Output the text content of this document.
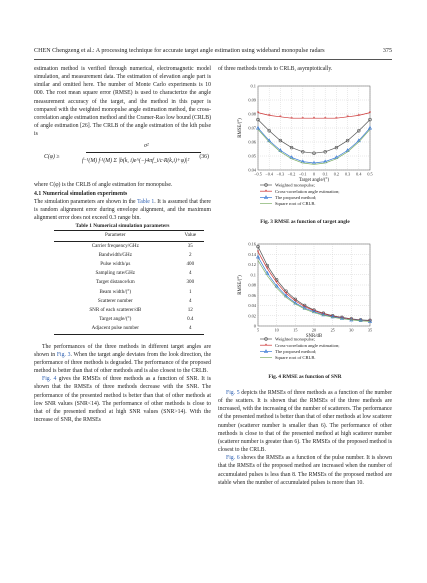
CHEN Chengzeng et al.: A processing technique for accurate target angle estimation using wideband monopulse radars	375

estimation method is verified through numerical, electromagnetic model simulation, and measurement data. The estimation of elevation angle part is similar and omitted here. The number of Monte Carlo experiments is 10 000. The root mean square error (RMSE) is used to characterize the angle measurement accuracy of the target, and the method in this paper is compared with the weighted monopulse angle estimation method, the cross-correlation angle estimation method and the Cramer-Rao low bound (CRLB) of angle estimation [26]. The CRLB of the angle estimation of the kth pulse is

C(φ) ≥
σ²
f⁻¹(M) f·¹(M) Σ |b(k, i)e^(−j4πf_i/c·R(k,i)+φ)|²
(36)

where C(φ) is the CRLB of angle estimation for monopulse.

4.1 Numerical simulation experiments

The simulation parameters are shown in the Table 1. It is assumed that there is random alignment error during envelope alignment, and the maximum alignment error does not exceed 0.3 range bin.

Table 1 Numerical simulation parameters

Parameter	Value
Carrier frequency/GHz	35
Bandwidth/GHz	2
Pulse width/μs	400
Sampling rate/GHz	4
Target distance/km	300
Beam width/(°)	1
Scatterer number	4
SNR of each scatterer/dB	12
Target angle/(°)	0.4
Adjacent pulse number	4

The performances of the three methods in different target angles are shown in Fig. 3. When the target angle deviates from the look direction, the performance of three methods is degraded. The performance of the proposed method is better than that of other methods and is also closest to the CRLB.

Fig. 4 gives the RMSEs of three methods as a function of SNR. It is shown that the RMSEs of three methods decrease with the SNR. The performance of the presented method is better than that of other methods at low SNR values (SNR<14). The performance of other methods is close to that of the presented method at high SNR values (SNR>14). With the increase of SNR, the RMSEs

of three methods trends to CRLB, asymptotically.

0.04
0.05
0.06
0.07
0.08
0.09
0.1
−0.5 −0.4 −0.3 −0.2 −0.1 0 0.1 0.2 0.3 0.4 0.5
Target angle/(°)
RMSE/(°)
Weighted monopulse;
*
* * * * * * * * *
*
* Cross-correlation angle estimation;
The proposed method;
Square root of CRLB.
Fig. 3 RMSE as function of target angle
0
0.02
0.04
0.06
0.08
0.1
0.12
0.14
0.16
5	10	15	20	25	30	35
SNR/dB
RMSE/(°)
Weighted monopulse;
*
*
*
*
*
*
*
*
* * * * *
* Cross-correlation angle estimation;
The proposed method;
Square root of CRLB.
Fig. 4 RMSE as function of SNR

Fig. 5 depicts the RMSEs of three methods as a function of the number of the scatters. It is shown that the RMSEs of the three methods are increased, with the increasing of the number of scatterers. The performance of the presented method is better than that of other methods at low scatterer number (scatterer number is smaller than 6). The performance of other methods is close to that of the presented method at high scatterer number (scatterer number is greater than 6). The RMSEs of the proposed method is closest to the CRLB.

Fig. 6 shows the RMSEs as a function of the pulse number. It is shown that the RMSEs of the proposed method are increased when the number of accumulated pulses is less than 8. The RMSEs of the proposed method are stable when the number of accumulated pulses is more than 10.
